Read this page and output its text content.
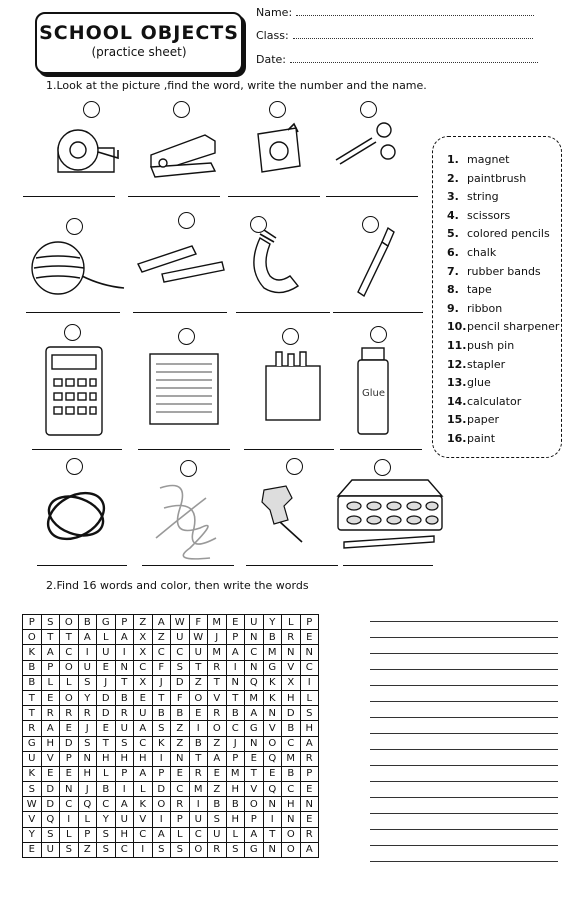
SCHOOL OBJECTS
(practice sheet)
Name:
Class:
Date:
1.Look at the picture ,find the word, write the number and the name.
Glue
1. magnet
2. paintbrush
3. string
4. scissors
5. colored pencils
6. chalk
7. rubber bands
8. tape
9. ribbon
10. pencil sharpener
11. push pin
12. stapler
13. glue
14. calculator
15. paper
16. paint
2.Find 16 words and color, then write the words
P	S	O	B	G	P	Z	A	W	F	M	E	U	Y	L	P
O	T	T	A	L	A	X	Z	U	W	J	P	N	B	R	E
K	A	C	I	U	I	X	C	C	U	M	A	C	M	N	N
B	P	O	U	E	N	C	F	S	T	R	I	N	G	V	C
B	L	L	S	J	T	X	J	D	Z	T	N	Q	K	X	I
T	E	O	Y	D	B	E	T	F	O	V	T	M	K	H	L
T	R	R	R	D	R	U	B	B	E	R	B	A	N	D	S
R	A	E	J	E	U	A	S	Z	I	O	C	G	V	B	H
G	H	D	S	T	S	C	K	Z	B	Z	J	N	O	C	A
U	V	P	N	H	H	H	I	N	T	A	P	E	Q	M	R
K	E	E	H	L	P	A	P	E	R	E	M	T	E	B	P
S	D	N	J	B	I	L	D	C	M	Z	H	V	Q	C	E
W	D	C	Q	C	A	K	O	R	I	B	B	O	N	H	N
V	Q	I	L	Y	U	V	I	P	U	S	H	P	I	N	E
Y	S	L	P	S	H	C	A	L	C	U	L	A	T	O	R
E	U	S	Z	S	C	I	S	S	O	R	S	G	N	O	A
